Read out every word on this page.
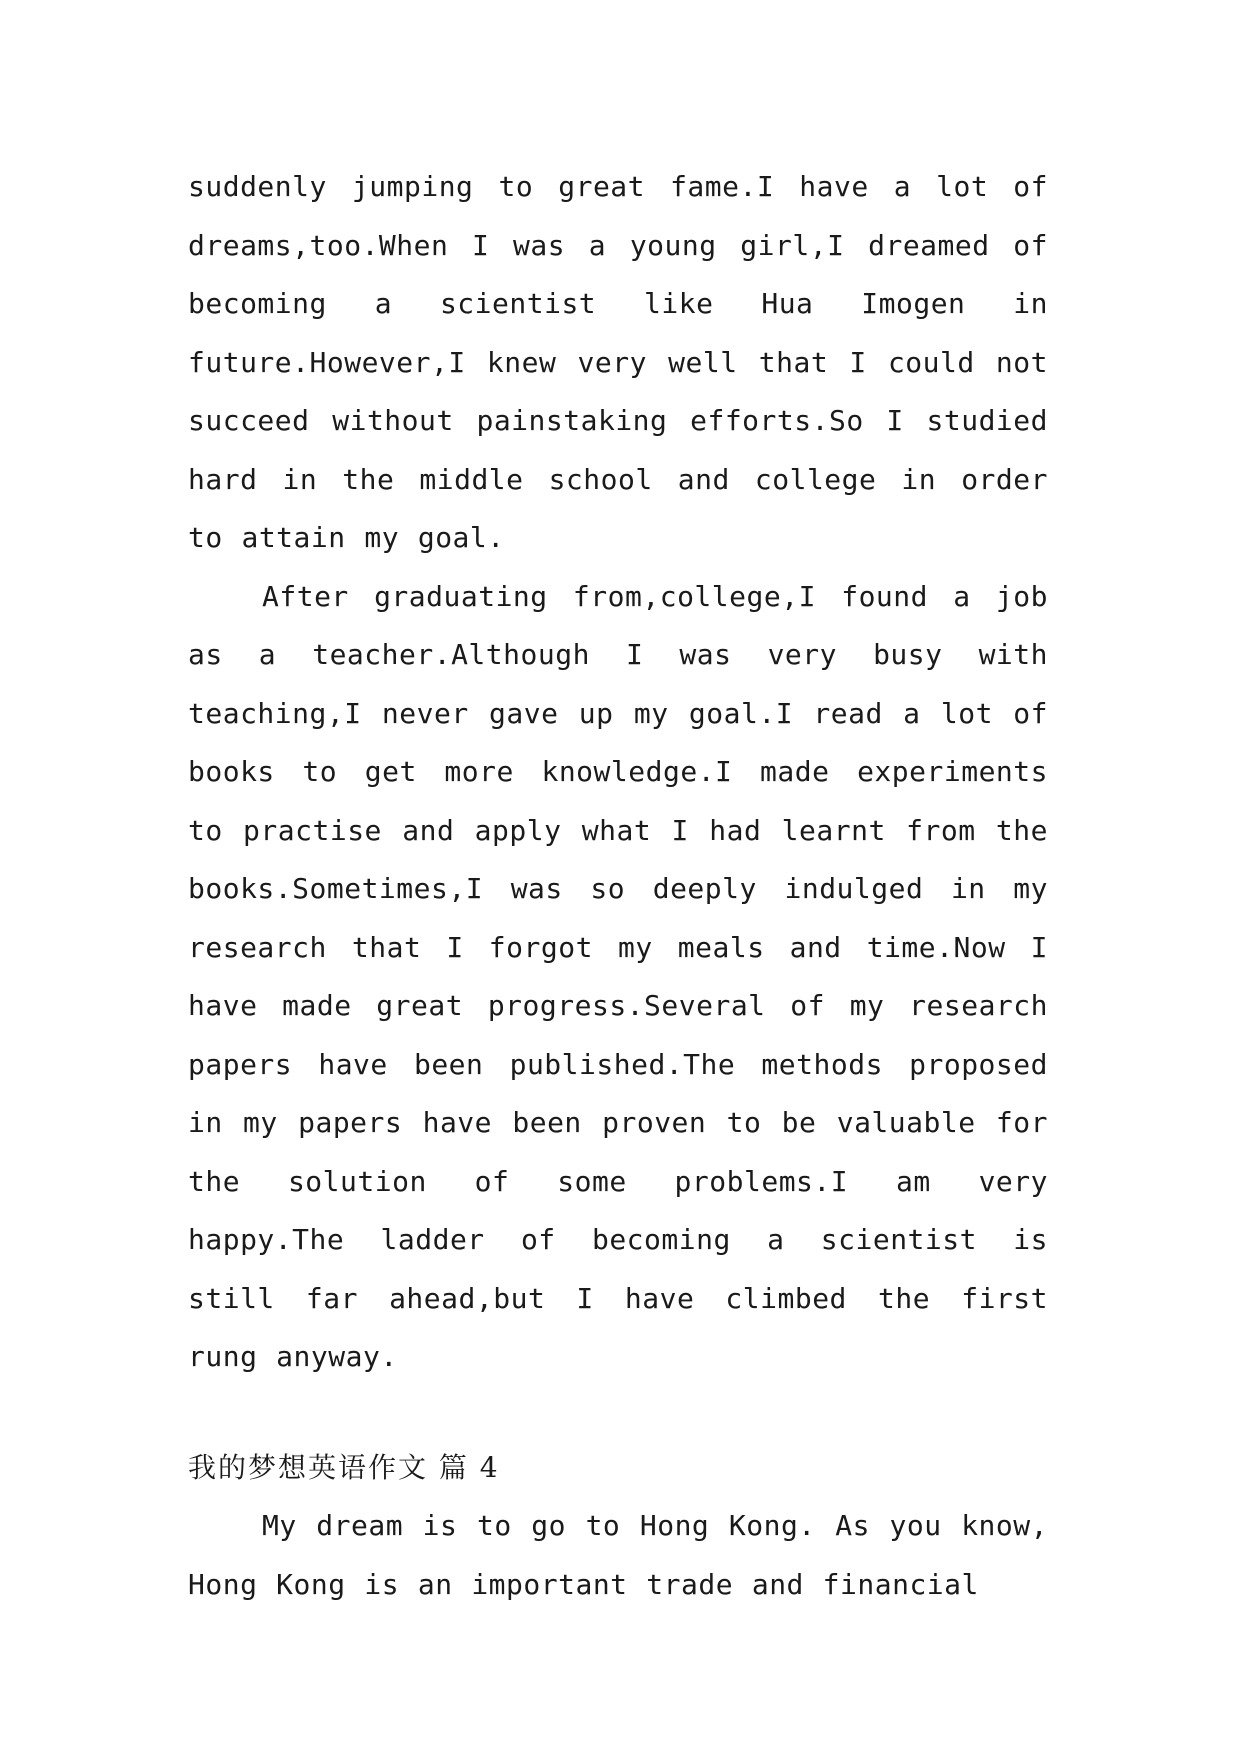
suddenly jumping to great fame.I have a lot of dreams,too.When I was a young girl,I dreamed of becoming a scientist like Hua Imogen in future.However,I knew very well that I could not succeed without painstaking efforts.So I studied hard in the middle school and college in order to attain my goal.

After graduating from,college,I found a job as a teacher.Although I was very busy with teaching,I never gave up my goal.I read a lot of books to get more knowledge.I made experiments to practise and apply what I had learnt from the books.Sometimes,I was so deeply indulged in my research that I forgot my meals and time.Now I have made great progress.Several of my research papers have been published.The methods proposed in my papers have been proven to be valuable for the solution of some problems.I am very happy.The ladder of becoming a scientist is still far ahead,but I have climbed the first rung anyway.

我的梦想英语作文 篇 4

My dream is to go to Hong Kong. As you know, Hong Kong is an important trade and financial
